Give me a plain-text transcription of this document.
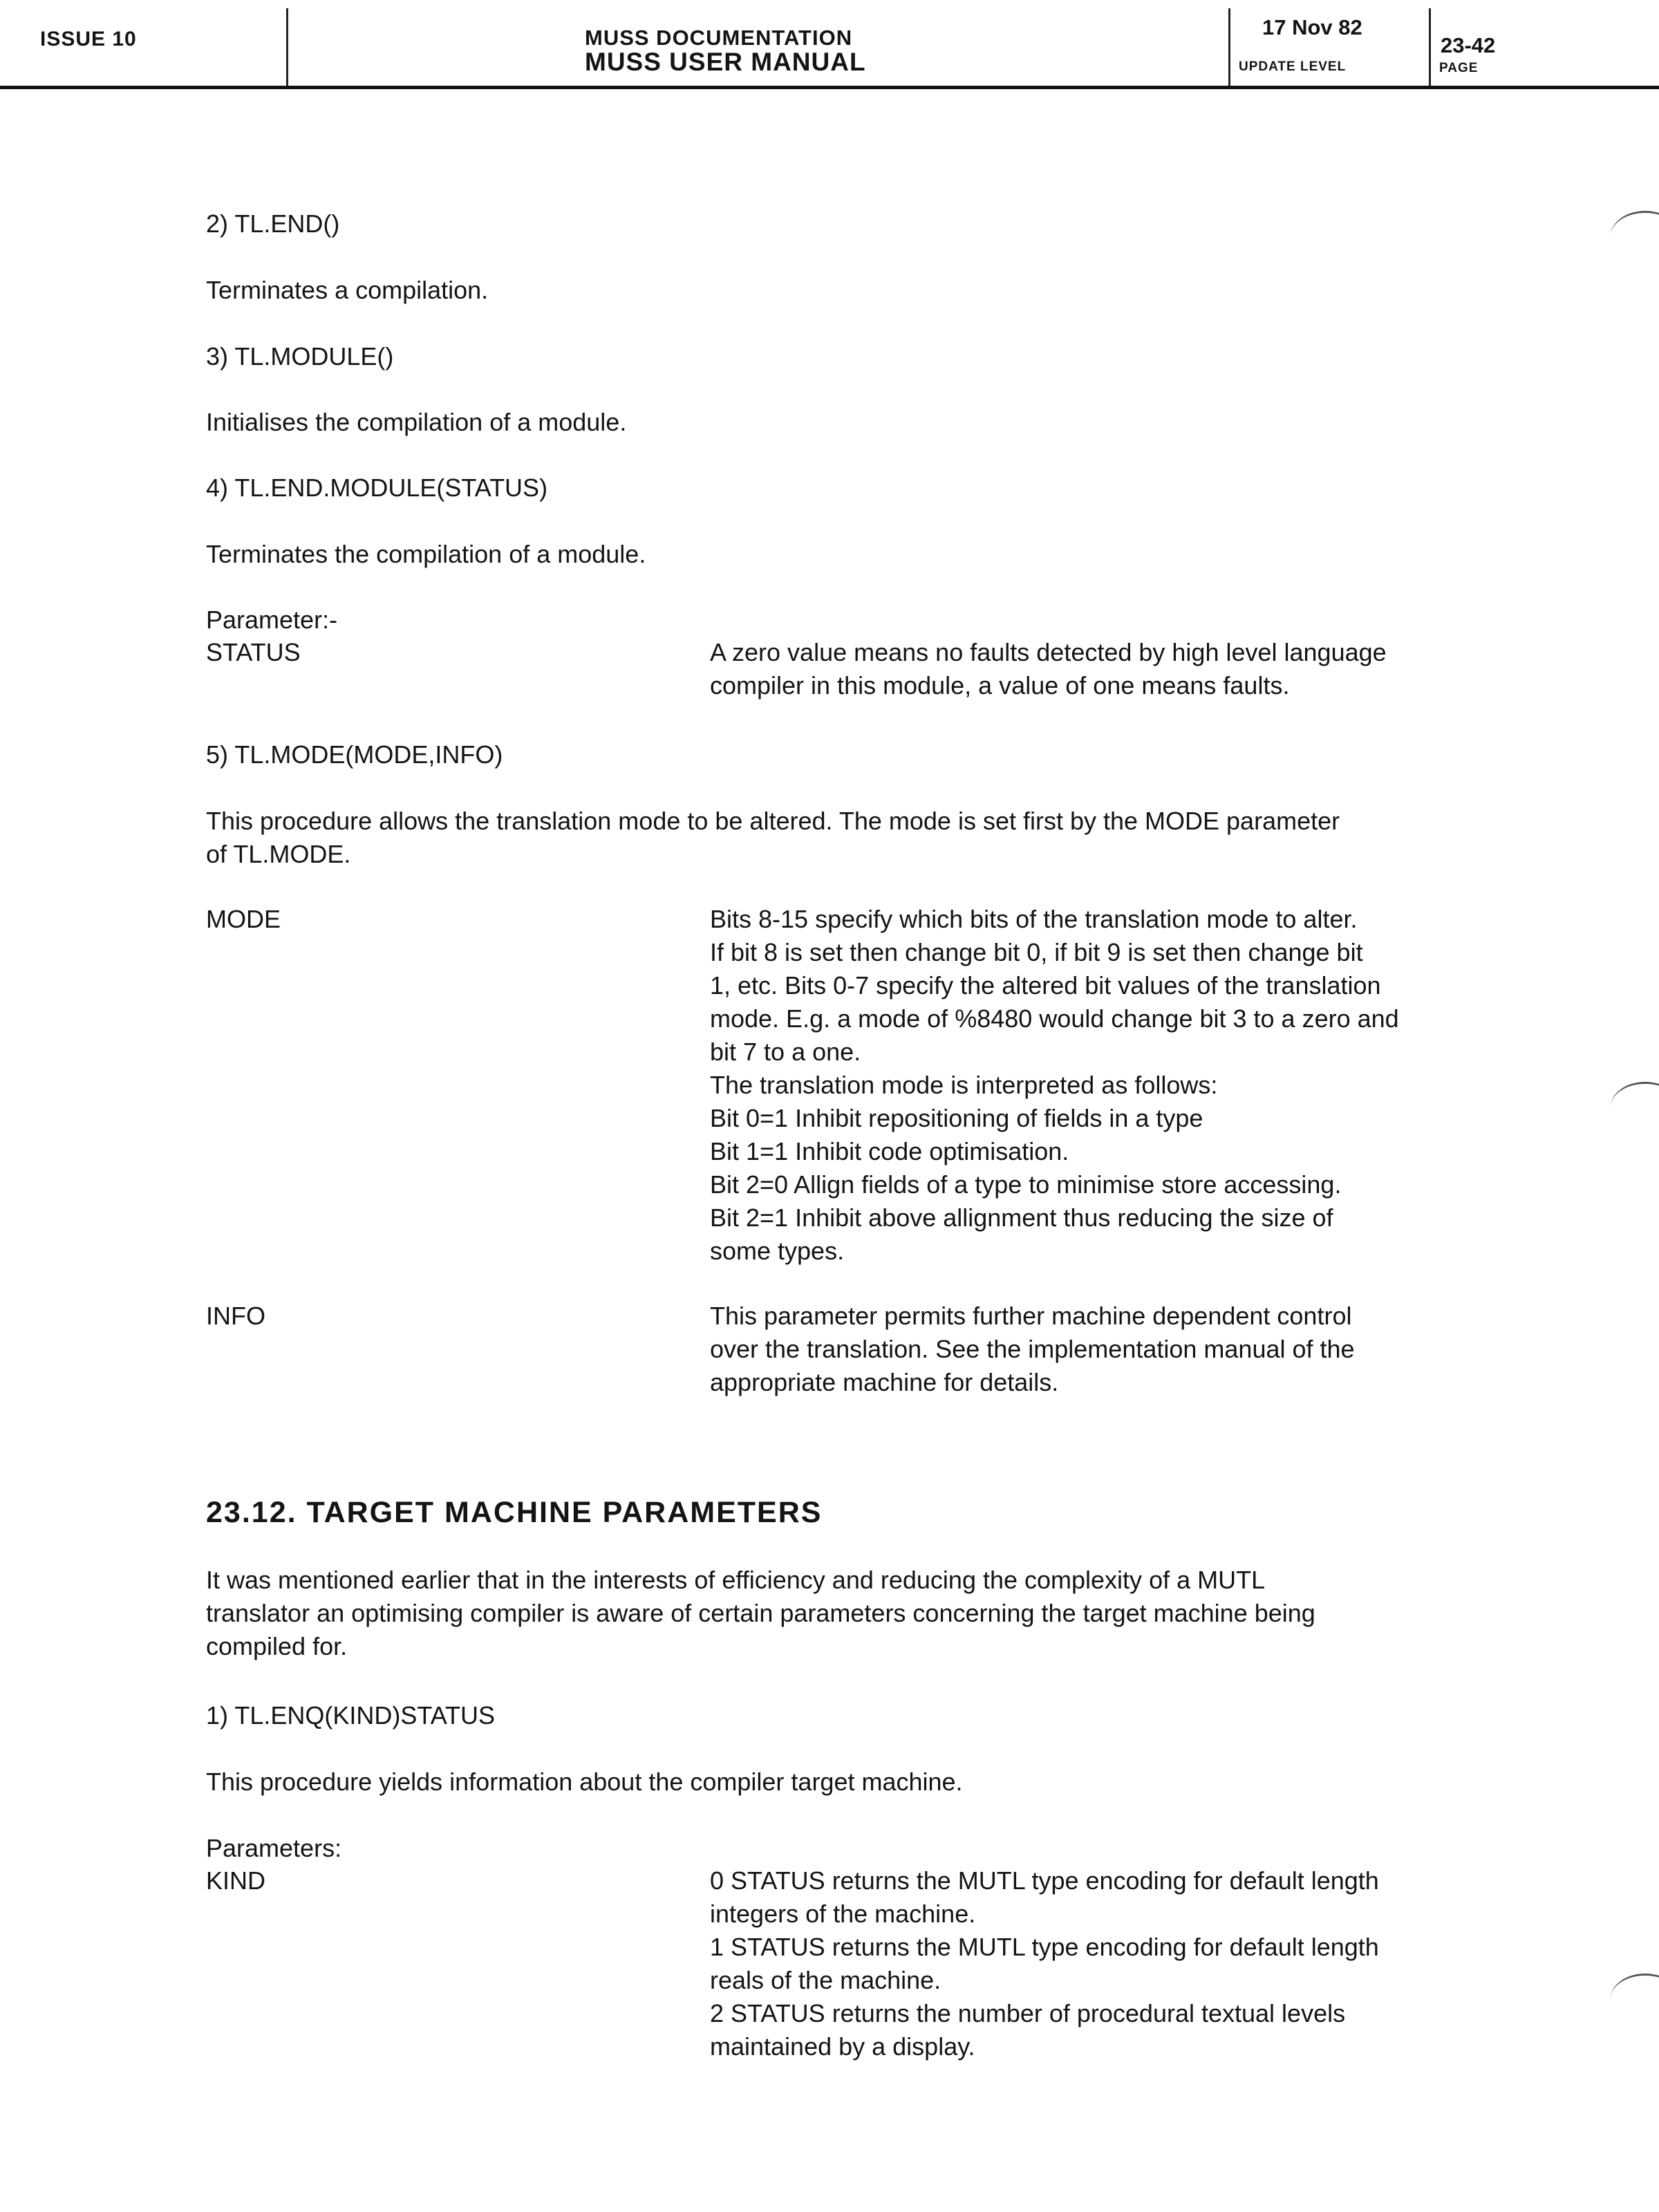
ISSUE 10	MUSS DOCUMENTATION
MUSS USER MANUAL
17 Nov 82
UPDATE LEVEL
23-42
PAGE
2) TL.END()
Terminates a compilation.
3) TL.MODULE()
Initialises the compilation of a module.
4) TL.END.MODULE(STATUS)
Terminates the compilation of a module.
Parameter:-
STATUS	A zero value means no faults detected by high level language
compiler in this module, a value of one means faults.
5) TL.MODE(MODE,INFO)
This procedure allows the translation mode to be altered. The mode is set first by the MODE parameter
of TL.MODE.
MODE	Bits 8-15 specify which bits of the translation mode to alter.
If bit 8 is set then change bit 0, if bit 9 is set then change bit
1, etc. Bits 0-7 specify the altered bit values of the translation
mode. E.g. a mode of %8480 would change bit 3 to a zero and
bit 7 to a one.
The translation mode is interpreted as follows:
Bit 0=1 Inhibit repositioning of fields in a type
Bit 1=1 Inhibit code optimisation.
Bit 2=0 Allign fields of a type to minimise store accessing.
Bit 2=1 Inhibit above allignment thus reducing the size of
some types.
INFO	This parameter permits further machine dependent control
over the translation. See the implementation manual of the
appropriate machine for details.
23.12. TARGET MACHINE PARAMETERS
It was mentioned earlier that in the interests of efficiency and reducing the complexity of a MUTL
translator an optimising compiler is aware of certain parameters concerning the target machine being
compiled for.
1) TL.ENQ(KIND)STATUS
This procedure yields information about the compiler target machine.
Parameters:
KIND	0 STATUS returns the MUTL type encoding for default length
integers of the machine.
1 STATUS returns the MUTL type encoding for default length
reals of the machine.
2 STATUS returns the number of procedural textual levels
maintained by a display.
